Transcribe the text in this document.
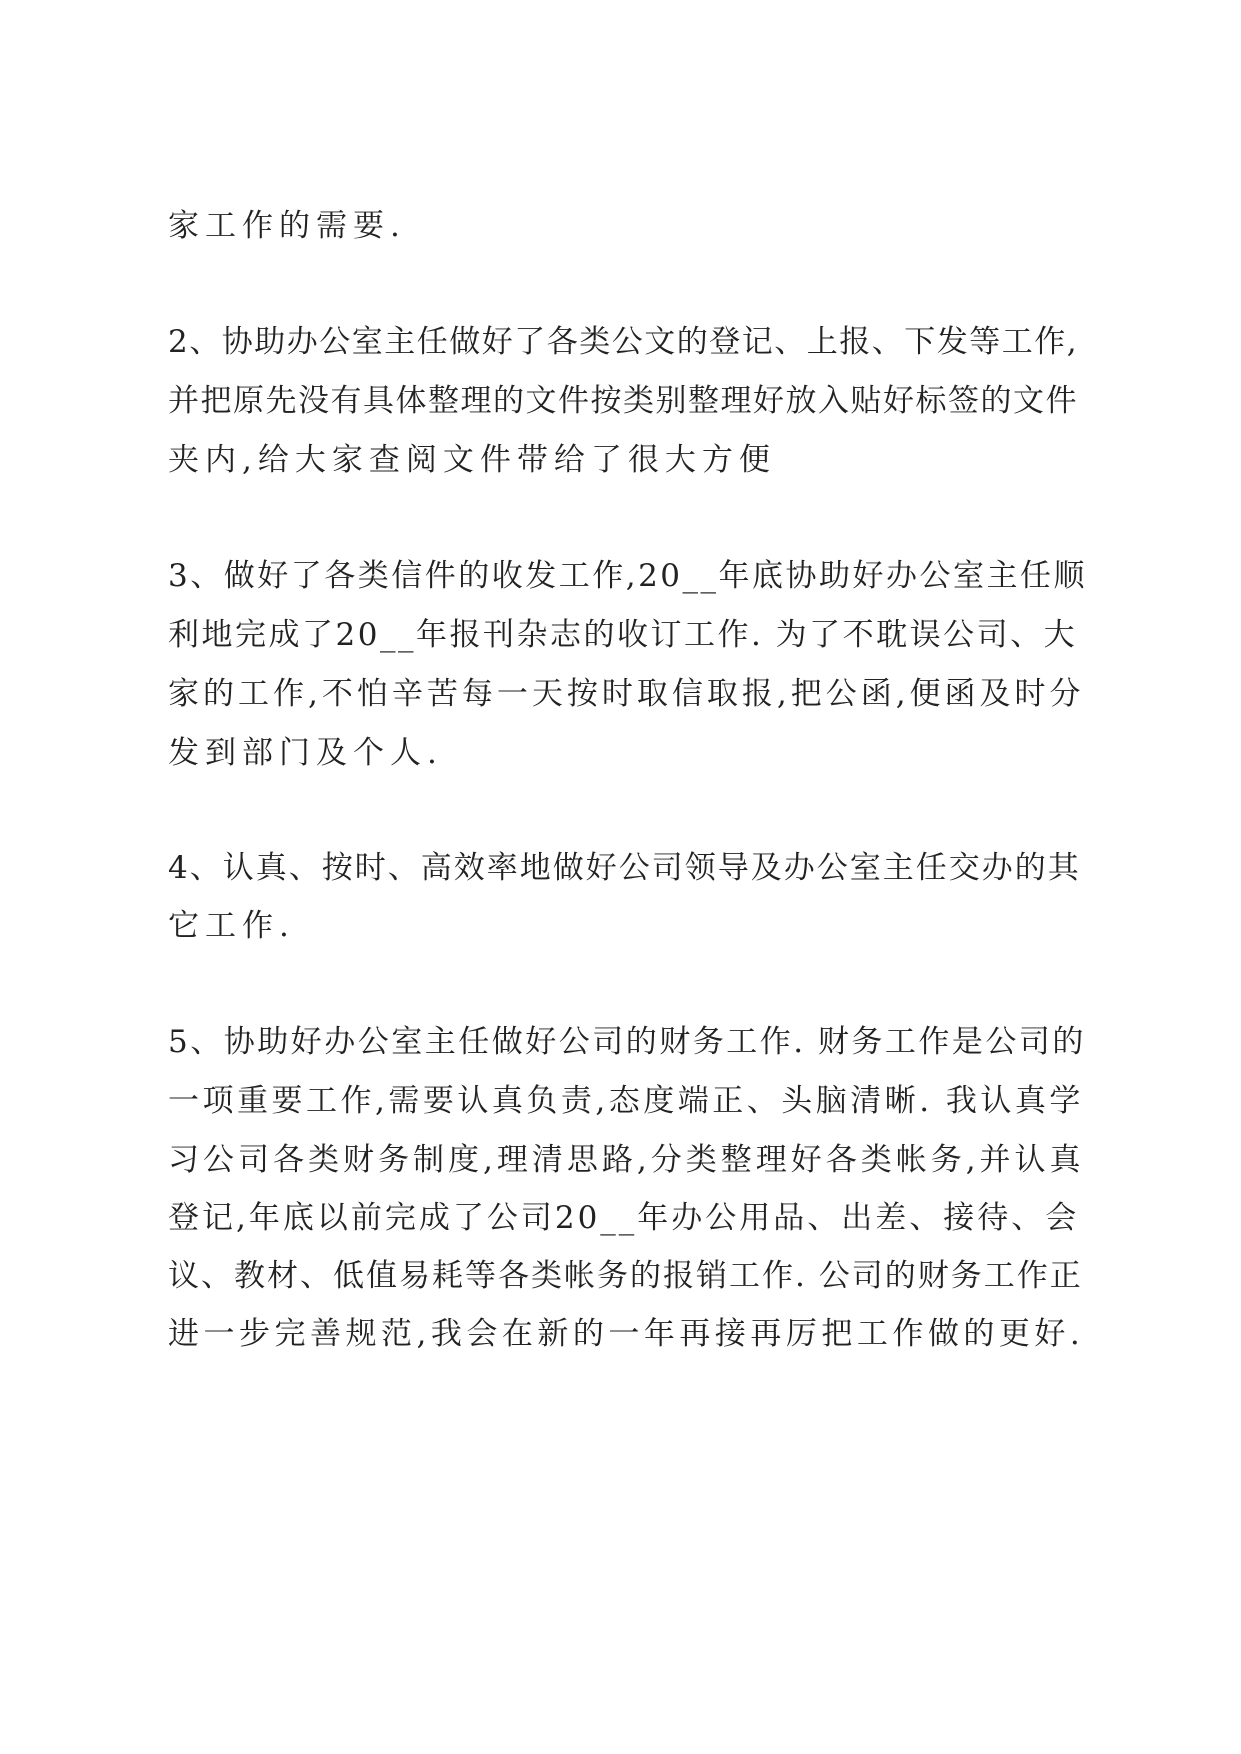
家工作的需要.
2、协助办公室主任做好了各类公文的登记、上报、下发等工作,
并把原先没有具体整理的文件按类别整理好放入贴好标签的文件
夹内,给大家查阅文件带给了很大方便
3、做好了各类信件的收发工作,20__年底协助好办公室主任顺
利地完成了20__年报刊杂志的收订工作. 为了不耽误公司、大
家的工作,不怕辛苦每一天按时取信取报,把公函,便函及时分
发到部门及个人.
4、认真、按时、高效率地做好公司领导及办公室主任交办的其
它工作.
5、协助好办公室主任做好公司的财务工作. 财务工作是公司的
一项重要工作,需要认真负责,态度端正、头脑清晰. 我认真学
习公司各类财务制度,理清思路,分类整理好各类帐务,并认真
登记,年底以前完成了公司20__年办公用品、出差、接待、会
议、教材、低值易耗等各类帐务的报销工作. 公司的财务工作正
进一步完善规范,我会在新的一年再接再厉把工作做的更好.
